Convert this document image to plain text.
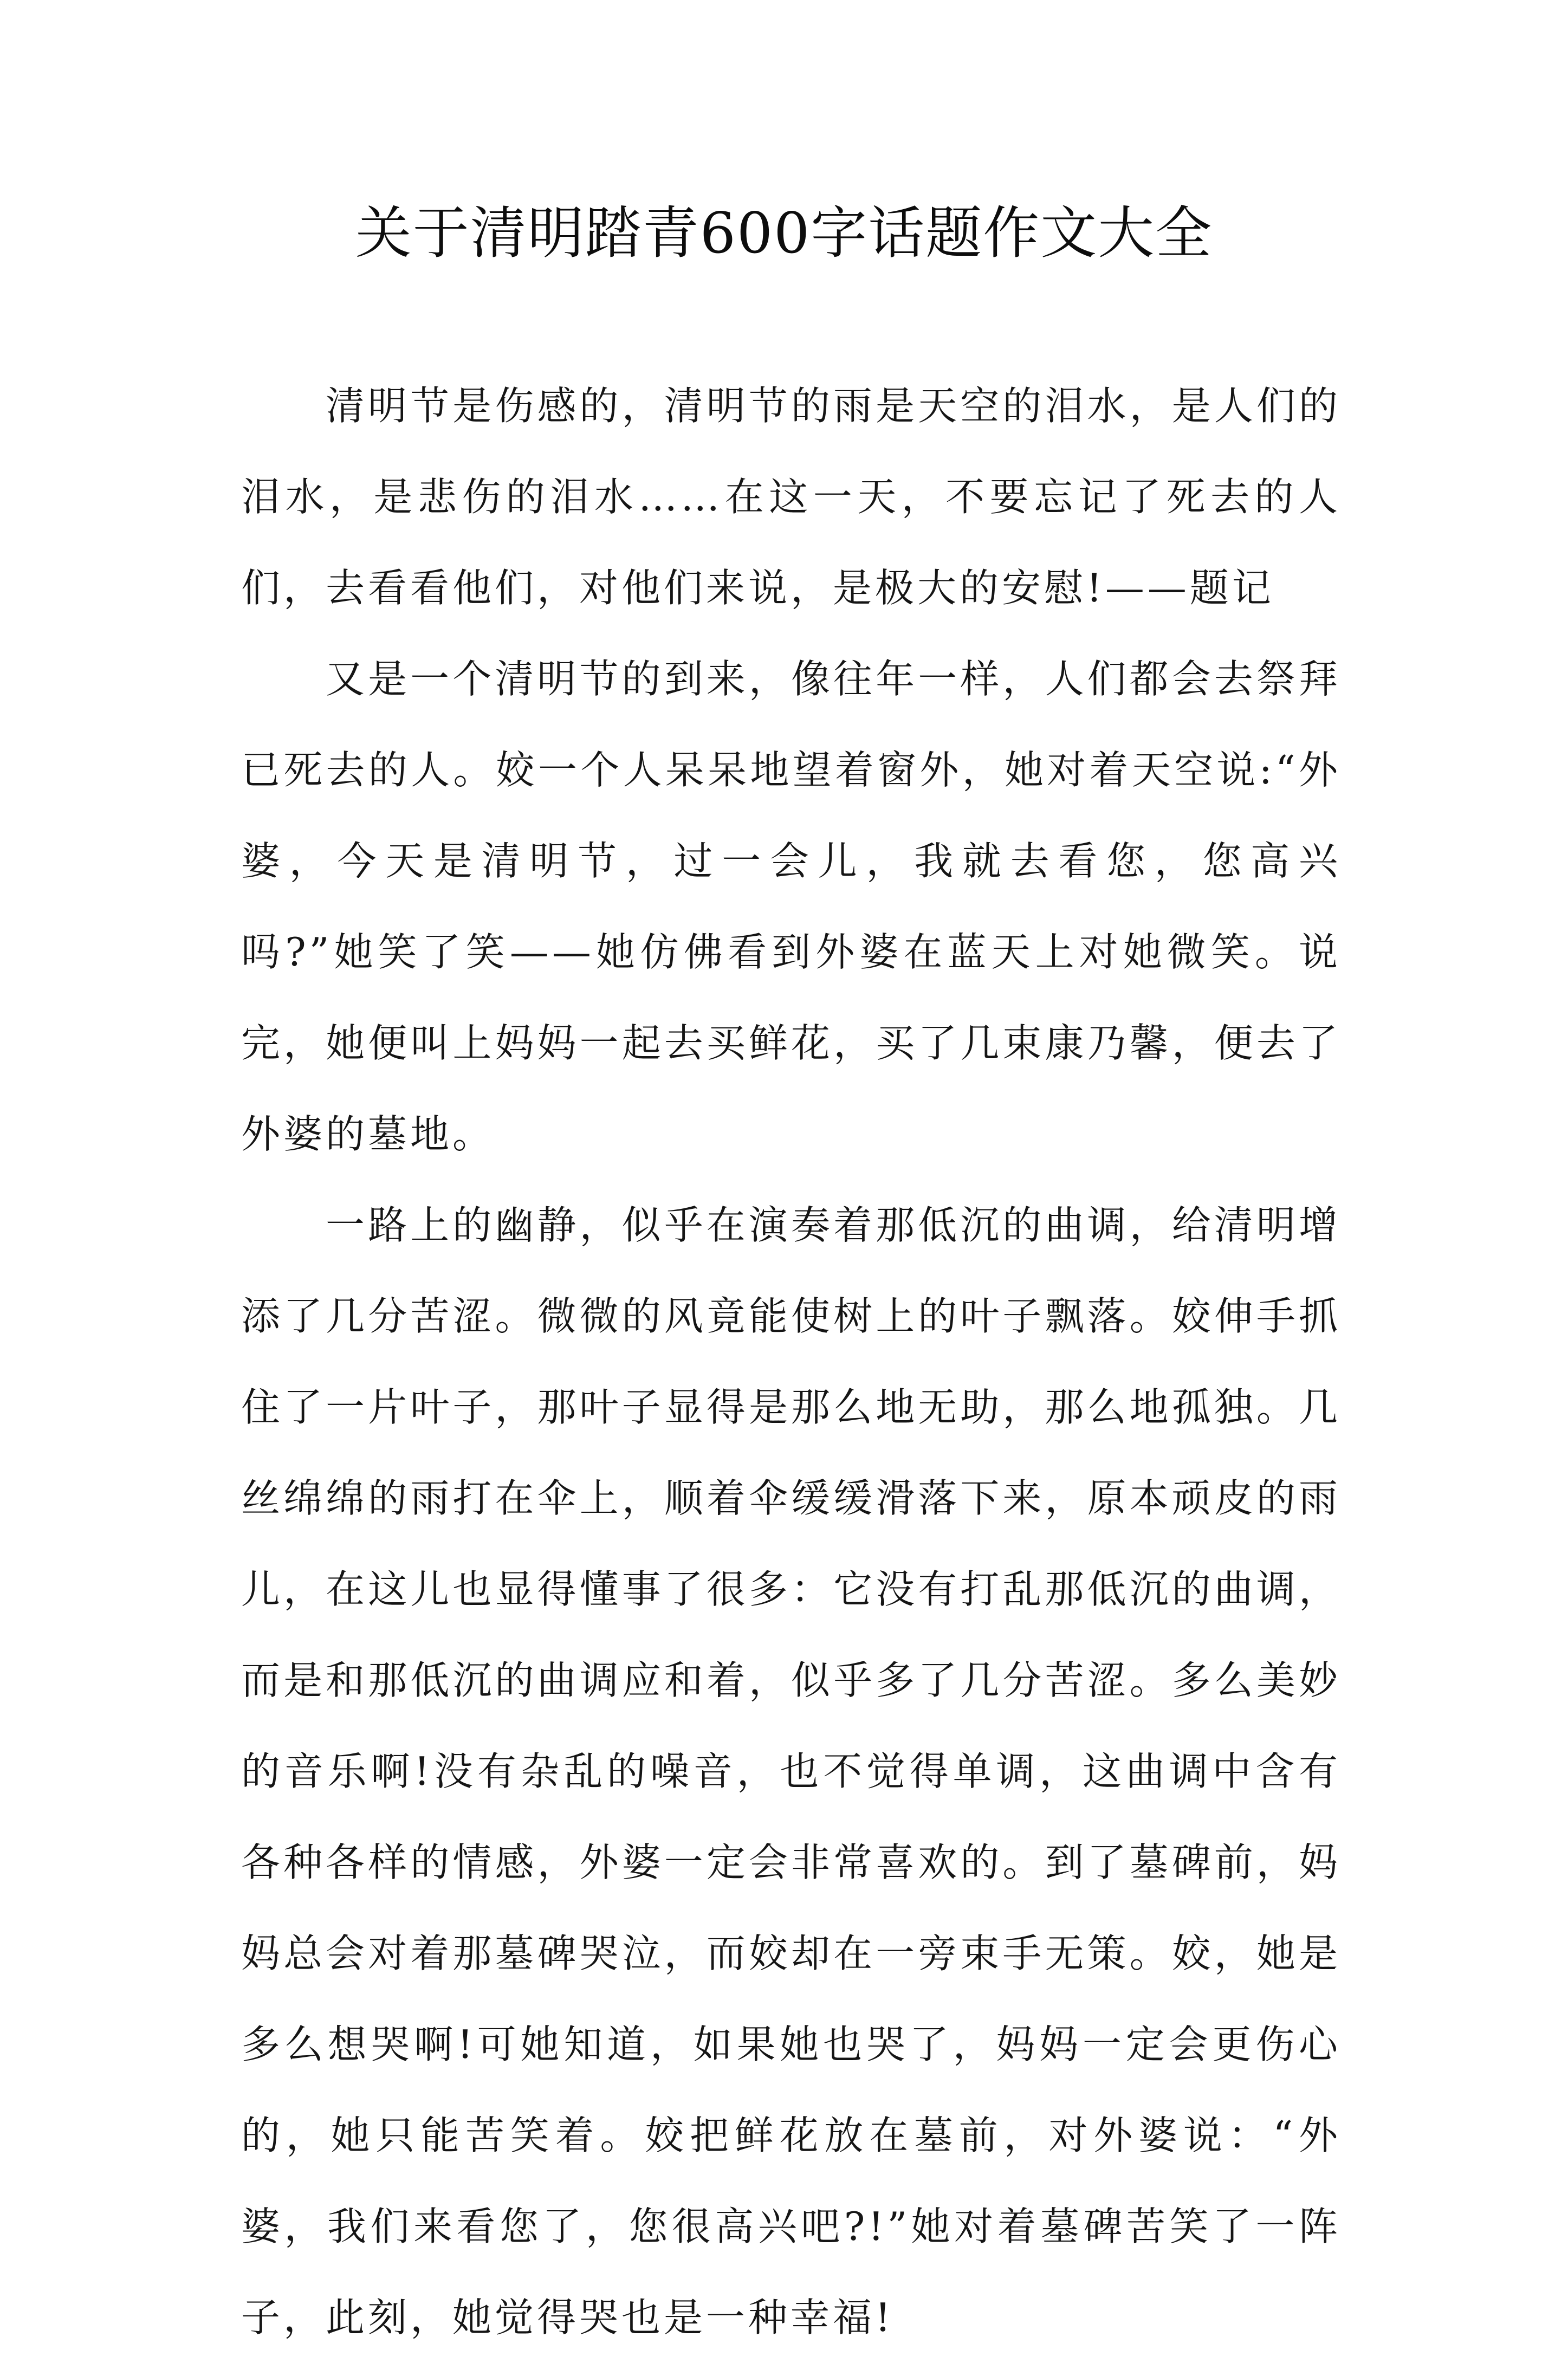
关于清明踏青600字话题作文大全

清明节是伤感的，清明节的雨是天空的泪水，是人们的泪水，是悲伤的泪水……在这一天，不要忘记了死去的人们，去看看他们，对他们来说，是极大的安慰!——题记

又是一个清明节的到来，像往年一样，人们都会去祭拜已死去的人。姣一个人呆呆地望着窗外，她对着天空说:“外婆，今天是清明节，过一会儿，我就去看您，您高兴吗?”她笑了笑——她仿佛看到外婆在蓝天上对她微笑。说完，她便叫上妈妈一起去买鲜花，买了几束康乃馨，便去了外婆的墓地。

一路上的幽静，似乎在演奏着那低沉的曲调，给清明增添了几分苦涩。微微的风竟能使树上的叶子飘落。姣伸手抓住了一片叶子，那叶子显得是那么地无助，那么地孤独。几丝绵绵的雨打在伞上，顺着伞缓缓滑落下来，原本顽皮的雨儿，在这儿也显得懂事了很多：它没有打乱那低沉的曲调，而是和那低沉的曲调应和着，似乎多了几分苦涩。多么美妙的音乐啊!没有杂乱的噪音，也不觉得单调，这曲调中含有各种各样的情感，外婆一定会非常喜欢的。到了墓碑前，妈妈总会对着那墓碑哭泣，而姣却在一旁束手无策。姣，她是多么想哭啊!可她知道，如果她也哭了，妈妈一定会更伤心的，她只能苦笑着。姣把鲜花放在墓前，对外婆说：“外婆，我们来看您了，您很高兴吧?!”她对着墓碑苦笑了一阵子，此刻，她觉得哭也是一种幸福!
